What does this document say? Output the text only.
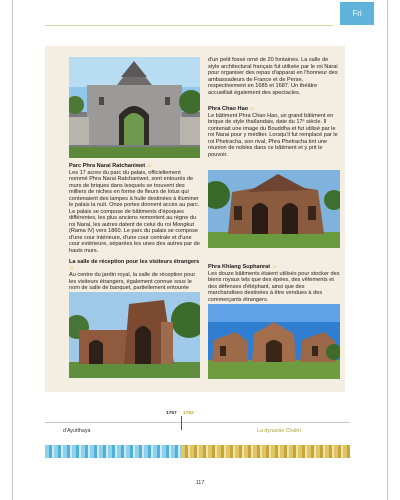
Fri
Parc Phra Narai Ratchaniwet ☼
Les 17 acres du parc du palais, officiellement nommé Phra Narai Ratchaniwet, sont entourés de murs de briques dans lesquels se trouvent des milliers de niches en forme de fleurs de lotus qui contenaient des lampes à huile destinées à illuminer le palais la nuit. Onze portes donnent accès au parc. Le palais se compose de bâtiments d'époques différentes, les plus anciens remontent au règne du roi Narai, les autres datent de celui du roi Mongkut (Rama IV) vers 1860. Le parc du palais se compose d'une cour intérieure, d'une cour centrale et d'une cour extérieure, séparées les unes des autres par de hauts murs.
La salle de réception pour les visiteurs étrangers ☼
Au centre du jardin royal, la salle de réception pour les visiteurs étrangers, également connue sous le nom de salle de banquet, partiellement entourée
d'un petit fossé orné de 20 fontaines. La salle de style architectural français fut utilisée par le roi Narai pour organiser des repas d'apparat en l'honneur des ambassadeurs de France et de Perse, respectivement en 1685 et 1687. Un théâtre accueillait également des spectacles.
Phra Chao Hao ☼
Le bâtiment Phra Chao Hao, un grand bâtiment en brique de style thaïlandais, date du 17ᵉ siècle. Il contenait une image du Bouddha et fut utilisé par le roi Narai pour y méditer. Lorsqu'il fut remplacé par le roi Phetracha, son rival, Phra Phetracha tint une réunion de nobles dans ce bâtiment et y prit le pouvoir.
Phra Khlang Suphanrat ☼
Les douze bâtiments étaient utilisés pour stocker des biens royaux tels que des épées, des vêtements et des défenses d'éléphant, ainsi que des marchandises destinées à être vendues à des commerçants étrangers.
1767 1782
d'Ayutthaya	La dynastie Chakri
117
